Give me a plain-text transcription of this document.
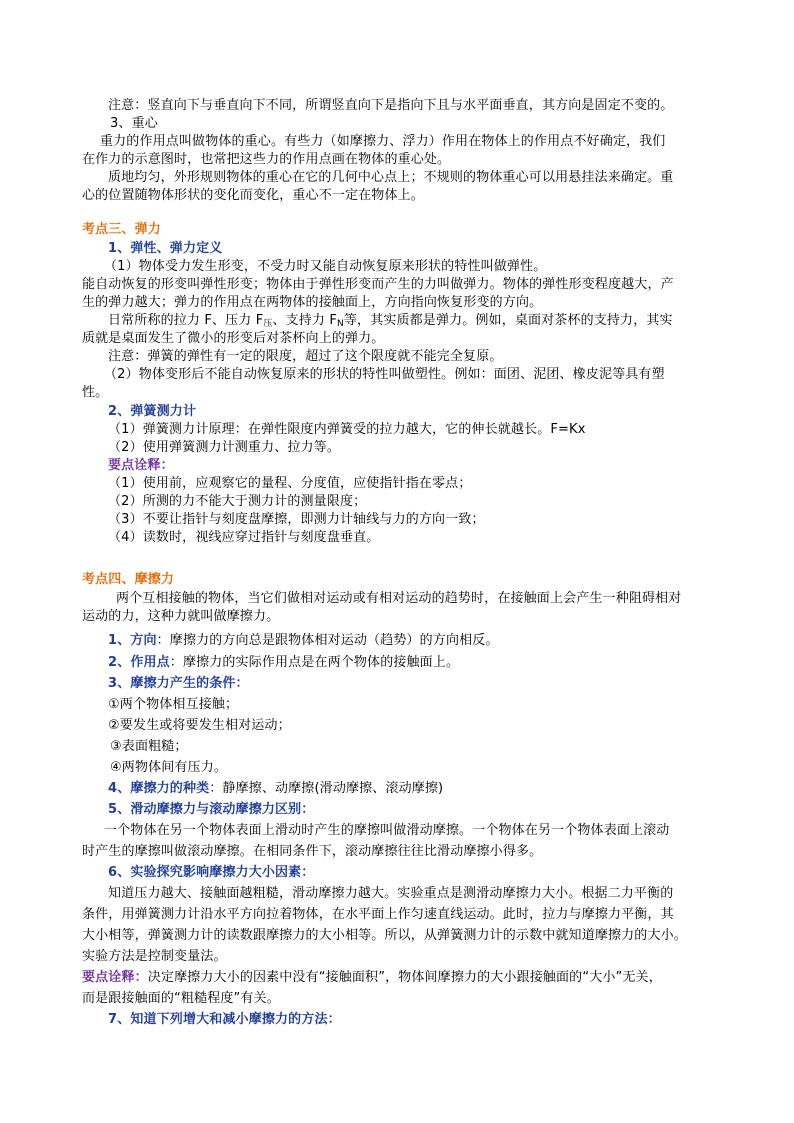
注意：竖直向下与垂直向下不同，所谓竖直向下是指向下且与水平面垂直，其方向是固定不变的。
3、重心
重力的作用点叫做物体的重心。有些力（如摩擦力、浮力）作用在物体上的作用点不好确定，我们
在作力的示意图时，也常把这些力的作用点画在物体的重心处。
质地均匀，外形规则物体的重心在它的几何中心点上；不规则的物体重心可以用悬挂法来确定。重
心的位置随物体形状的变化而变化，重心不一定在物体上。
考点三、弹力
1、弹性、弹力定义
（1）物体受力发生形变，不受力时又能自动恢复原来形状的特性叫做弹性。
能自动恢复的形变叫弹性形变；物体由于弹性形变而产生的力叫做弹力。物体的弹性形变程度越大，产
生的弹力越大；弹力的作用点在两物体的接触面上，方向指向恢复形变的方向。
日常所称的拉力 F、压力 $F_压$、支持力 $F_N$等，其实质都是弹力。例如，桌面对茶杯的支持力，其实
质就是桌面发生了微小的形变后对茶杯向上的弹力。
注意：弹簧的弹性有一定的限度，超过了这个限度就不能完全复原。
（2）物体变形后不能自动恢复原来的形状的特性叫做塑性。例如：面团、泥团、橡皮泥等具有塑
性。
2、弹簧测力计
（1）弹簧测力计原理：在弹性限度内弹簧受的拉力越大，它的伸长就越长。F=Kx
（2）使用弹簧测力计测重力、拉力等。
要点诠释：
（1）使用前，应观察它的量程、分度值，应使指针指在零点；
（2）所测的力不能大于测力计的测量限度；
（3）不要让指针与刻度盘摩擦，即测力计轴线与力的方向一致；
（4）读数时，视线应穿过指针与刻度盘垂直。
考点四、摩擦力
两个互相接触的物体，当它们做相对运动或有相对运动的趋势时，在接触面上会产生一种阻碍相对
运动的力，这种力就叫做摩擦力。
1、方向：摩擦力的方向总是跟物体相对运动（趋势）的方向相反。
2、作用点：摩擦力的实际作用点是在两个物体的接触面上。
3、摩擦力产生的条件：
①两个物体相互接触；
②要发生或将要发生相对运动；
③表面粗糙；
④两物体间有压力。
4、摩擦力的种类：静摩擦、动摩擦(滑动摩擦、滚动摩擦)
5、滑动摩擦力与滚动摩擦力区别：
一个物体在另一个物体表面上滑动时产生的摩擦叫做滑动摩擦。一个物体在另一个物体表面上滚动
时产生的摩擦叫做滚动摩擦。在相同条件下，滚动摩擦往往比滑动摩擦小得多。
6、实验探究影响摩擦力大小因素：
知道压力越大、接触面越粗糙，滑动摩擦力越大。实验重点是测滑动摩擦力大小。根据二力平衡的
条件，用弹簧测力计沿水平方向拉着物体，在水平面上作匀速直线运动。此时，拉力与摩擦力平衡，其
大小相等，弹簧测力计的读数跟摩擦力的大小相等。所以，从弹簧测力计的示数中就知道摩擦力的大小。
实验方法是控制变量法。
要点诠释：决定摩擦力大小的因素中没有“接触面积”，物体间摩擦力的大小跟接触面的“大小”无关，
而是跟接触面的“粗糙程度”有关。
7、知道下列增大和减小摩擦力的方法：
